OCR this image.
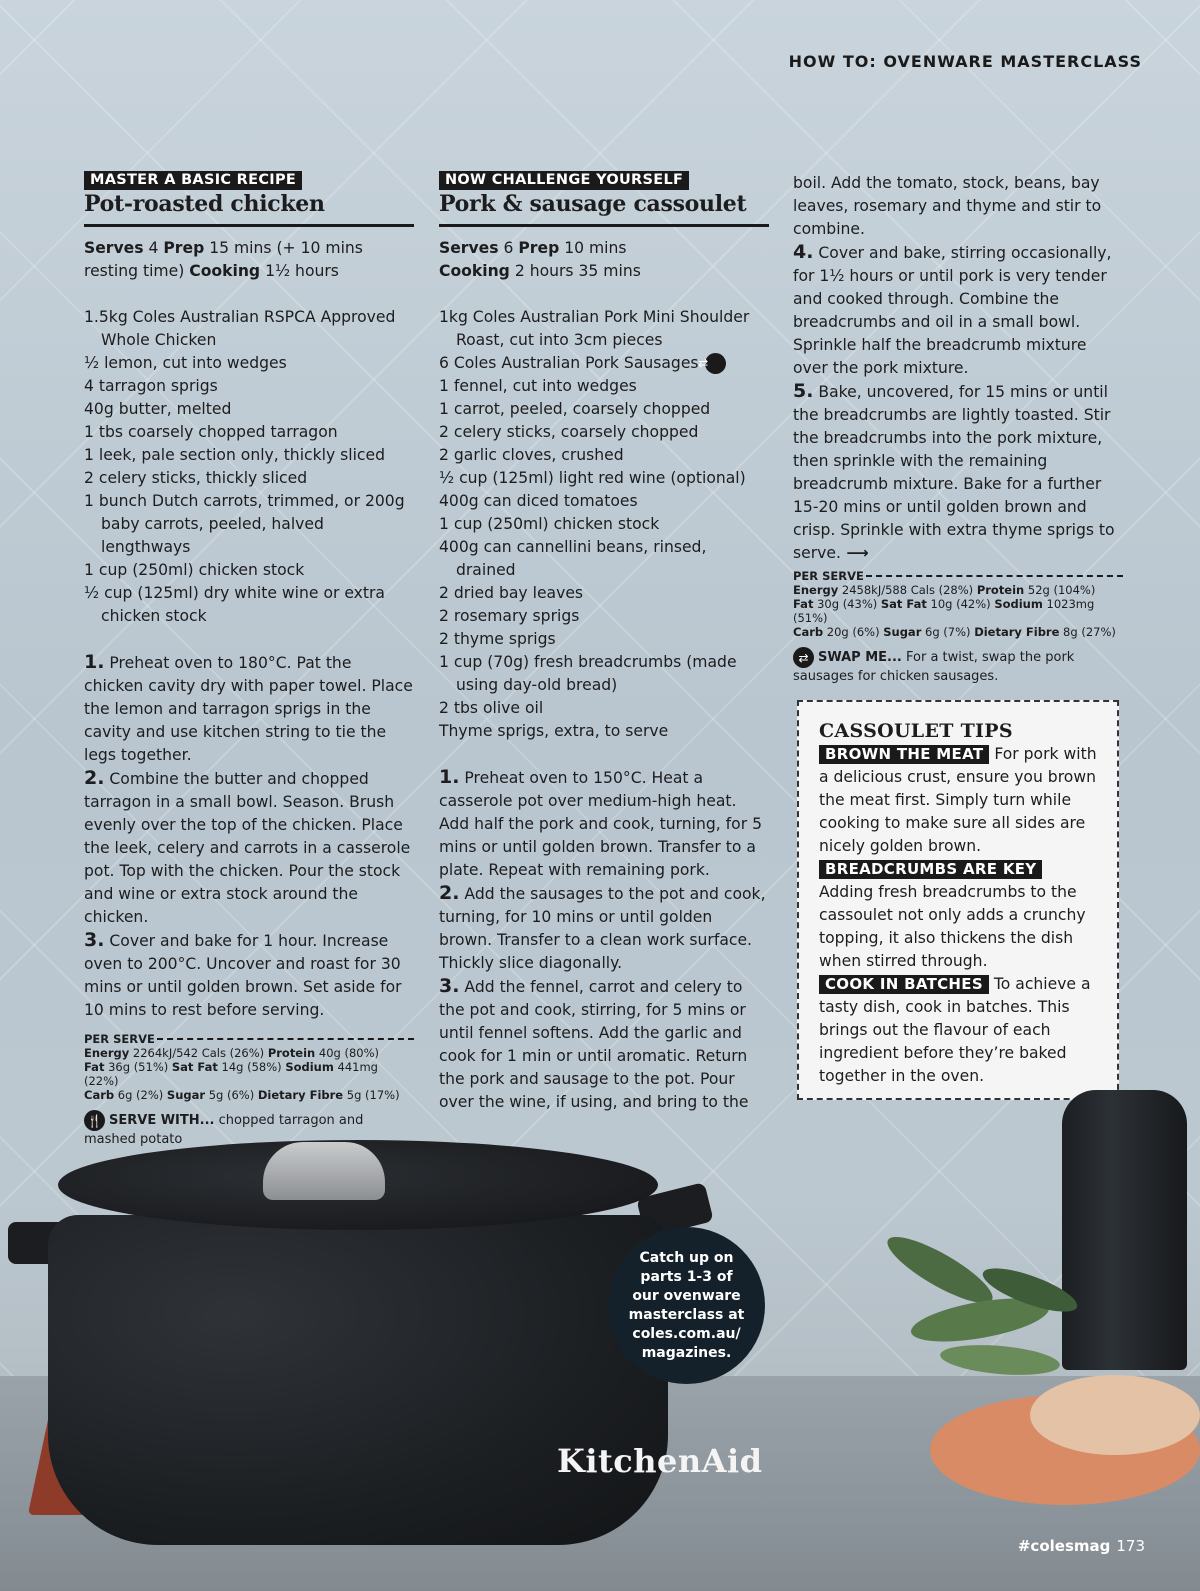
HOW TO: OVENWARE MASTERCLASS
MASTER A BASIC RECIPE
Pot-roasted chicken

Serves 4 Prep 15 mins (+ 10 mins

resting time) Cooking 1½ hours

1.5kg Coles Australian RSPCA Approved Whole Chicken

½ lemon, cut into wedges

4 tarragon sprigs

40g butter, melted

1 tbs coarsely chopped tarragon

1 leek, pale section only, thickly sliced

2 celery sticks, thickly sliced

1 bunch Dutch carrots, trimmed, or 200g baby carrots, peeled, halved lengthways

1 cup (250ml) chicken stock

½ cup (125ml) dry white wine or extra chicken stock

1. Preheat oven to 180°C. Pat the chicken cavity dry with paper towel. Place the lemon and tarragon sprigs in the cavity and use kitchen string to tie the legs together.

2. Combine the butter and chopped tarragon in a small bowl. Season. Brush evenly over the top of the chicken. Place the leek, celery and carrots in a casserole pot. Top with the chicken. Pour the stock and wine or extra stock around the chicken.

3. Cover and bake for 1 hour. Increase oven to 200°C. Uncover and roast for 30 mins or until golden brown. Set aside for 10 mins to rest before serving.

PER SERVE
Energy 2264kJ/542 Cals (26%) Protein 40g (80%)
Fat 36g (51%) Sat Fat 14g (58%) Sodium 441mg (22%)
Carb 6g (2%) Sugar 5g (6%) Dietary Fibre 5g (17%)
🍴 SERVE WITH... chopped tarragon and mashed potato
NOW CHALLENGE YOURSELF
Pork & sausage cassoulet

Serves 6 Prep 10 mins

Cooking 2 hours 35 mins

1kg Coles Australian Pork Mini Shoulder Roast, cut into 3cm pieces

6 Coles Australian Pork Sausages⇄

1 fennel, cut into wedges

1 carrot, peeled, coarsely chopped

2 celery sticks, coarsely chopped

2 garlic cloves, crushed

½ cup (125ml) light red wine (optional)

400g can diced tomatoes

1 cup (250ml) chicken stock

400g can cannellini beans, rinsed, drained

2 dried bay leaves

2 rosemary sprigs

2 thyme sprigs

1 cup (70g) fresh breadcrumbs (made using day-old bread)

2 tbs olive oil

Thyme sprigs, extra, to serve

1. Preheat oven to 150°C. Heat a casserole pot over medium-high heat. Add half the pork and cook, turning, for 5 mins or until golden brown. Transfer to a plate. Repeat with remaining pork.

2. Add the sausages to the pot and cook, turning, for 10 mins or until golden brown. Transfer to a clean work surface. Thickly slice diagonally.

3. Add the fennel, carrot and celery to the pot and cook, stirring, for 5 mins or until fennel softens. Add the garlic and cook for 1 min or until aromatic. Return the pork and sausage to the pot. Pour over the wine, if using, and bring to the

boil. Add the tomato, stock, beans, bay leaves, rosemary and thyme and stir to combine.

4. Cover and bake, stirring occasionally, for 1½ hours or until pork is very tender and cooked through. Combine the breadcrumbs and oil in a small bowl. Sprinkle half the breadcrumb mixture over the pork mixture.

5. Bake, uncovered, for 15 mins or until the breadcrumbs are lightly toasted. Stir the breadcrumbs into the pork mixture, then sprinkle with the remaining breadcrumb mixture. Bake for a further 15-20 mins or until golden brown and crisp. Sprinkle with extra thyme sprigs to serve. ⟶

PER SERVE
Energy 2458kJ/588 Cals (28%) Protein 52g (104%)
Fat 30g (43%) Sat Fat 10g (42%) Sodium 1023mg (51%)
Carb 20g (6%) Sugar 6g (7%) Dietary Fibre 8g (27%)
⇄ SWAP ME... For a twist, swap the pork sausages for chicken sausages.
CASSOULET TIPS

BROWN THE MEAT For pork with a delicious crust, ensure you brown the meat first. Simply turn while cooking to make sure all sides are nicely golden brown.

BREADCRUMBS ARE KEY Adding fresh breadcrumbs to the cassoulet not only adds a crunchy topping, it also thickens the dish when stirred through.

COOK IN BATCHES To achieve a tasty dish, cook in batches. This brings out the flavour of each ingredient before they’re baked together in the oven.

KitchenAid
Catch up on
parts 1-3 of
our ovenware
masterclass at
coles.com.au/
magazines.
#colesmag 173
